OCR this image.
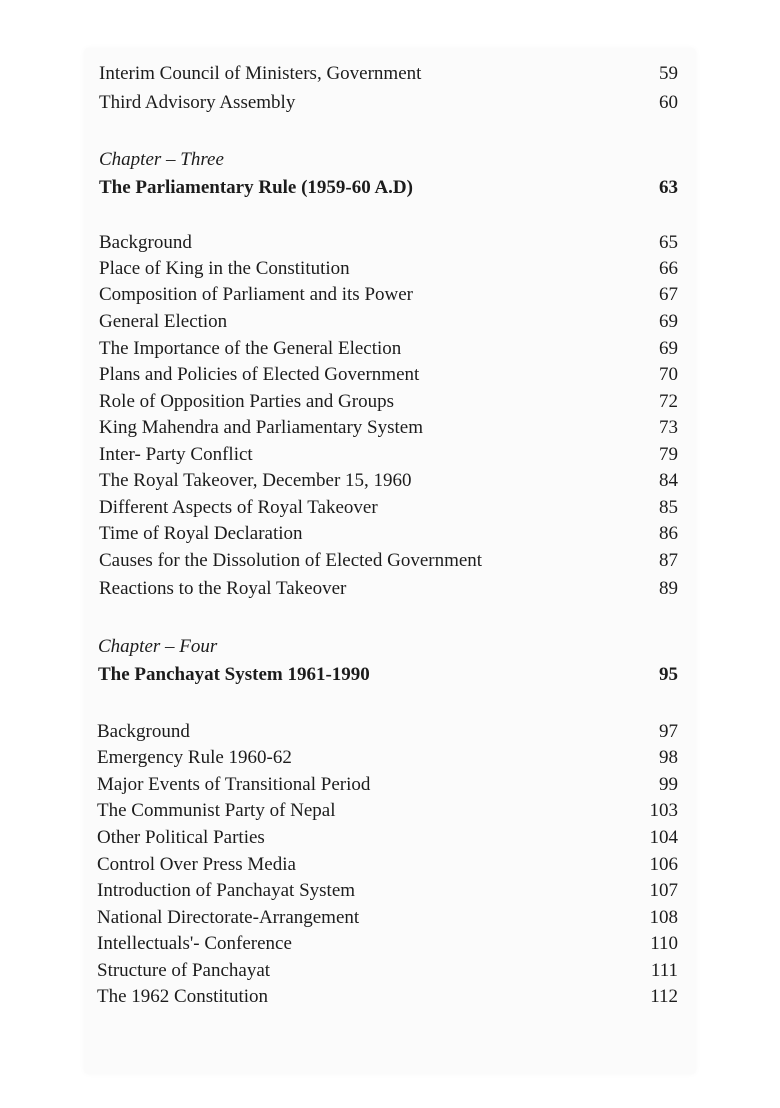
Interim Council of Ministers, Government	59
Third Advisory Assembly	60
Chapter – Three
The Parliamentary Rule (1959-60 A.D)	63
Background	65
Place of King in the Constitution	66
Composition of Parliament and its Power	67
General Election	69
The Importance of the General Election	69
Plans and Policies of Elected Government	70
Role of Opposition Parties and Groups	72
King Mahendra and Parliamentary System	73
Inter- Party Conflict	79
The Royal Takeover, December 15, 1960	84
Different Aspects of Royal Takeover	85
Time of Royal Declaration	86
Causes for the Dissolution of Elected Government	87
Reactions to the Royal Takeover	89
Chapter – Four
The Panchayat System 1961-1990	95
Background	97
Emergency Rule 1960-62	98
Major Events of Transitional Period	99
The Communist Party of Nepal	103
Other Political Parties	104
Control Over Press Media	106
Introduction of Panchayat System	107
National Directorate-Arrangement	108
Intellectuals'- Conference	110
Structure of Panchayat	111
The 1962 Constitution	112
